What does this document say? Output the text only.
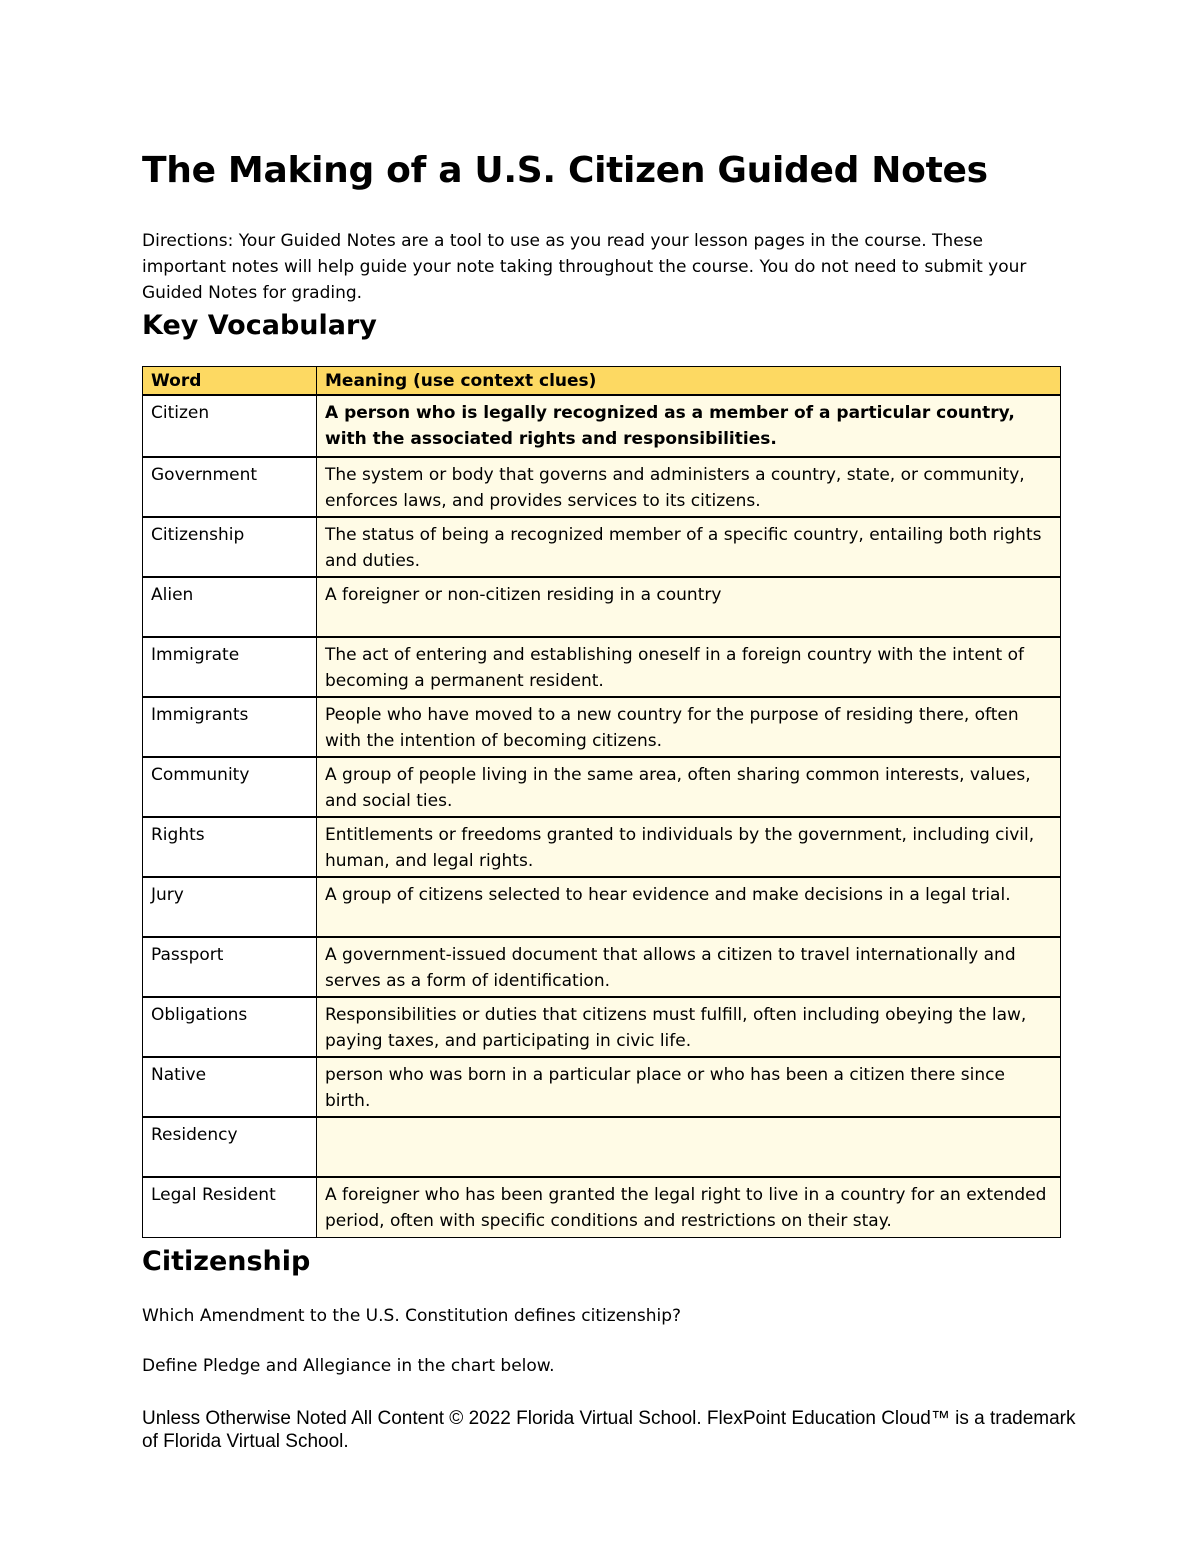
The Making of a U.S. Citizen Guided Notes

Directions: Your Guided Notes are a tool to use as you read your lesson pages in the course. These important notes will help guide your note taking throughout the course. You do not need to submit your Guided Notes for grading.

Key Vocabulary
Word	Meaning (use context clues)
Citizen	A person who is legally recognized as a member of a particular country, with the associated rights and responsibilities.
Government	The system or body that governs and administers a country, state, or community, enforces laws, and provides services to its citizens.
Citizenship	The status of being a recognized member of a specific country, entailing both rights and duties.
Alien	A foreigner or non-citizen residing in a country
Immigrate	The act of entering and establishing oneself in a foreign country with the intent of becoming a permanent resident.
Immigrants	People who have moved to a new country for the purpose of residing there, often with the intention of becoming citizens.
Community	A group of people living in the same area, often sharing common interests, values, and social ties.
Rights	Entitlements or freedoms granted to individuals by the government, including civil, human, and legal rights.
Jury	A group of citizens selected to hear evidence and make decisions in a legal trial.
Passport	A government-issued document that allows a citizen to travel internationally and serves as a form of identification.
Obligations	Responsibilities or duties that citizens must fulfill, often including obeying the law, paying taxes, and participating in civic life.
Native	person who was born in a particular place or who has been a citizen there since birth.
Residency	
Legal Resident	A foreigner who has been granted the legal right to live in a country for an extended period, often with specific conditions and restrictions on their stay.
Citizenship

Which Amendment to the U.S. Constitution defines citizenship?

Define Pledge and Allegiance in the chart below.

Unless Otherwise Noted All Content © 2022 Florida Virtual School. FlexPoint Education Cloud™ is a trademark of Florida Virtual School.
